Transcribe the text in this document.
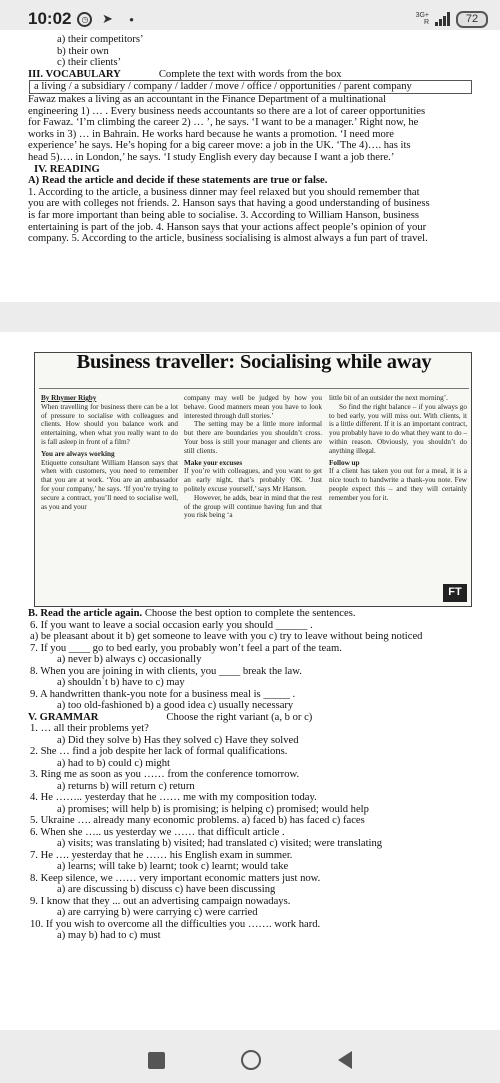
10:02	◷	➤	•	3G+
R	72
a) their competitors’
b) their own
c) their clients’
III. VOCABULARY	Complete the text with words from the box
a living / a subsidiary / company / ladder / move / office / opportunities / parent company
Fawaz makes a living as an accountant in the Finance Department of a multinational
engineering 1) … . Every business needs accountants so there are a lot of career opportunities
for Fawaz. ‘I’m climbing the career 2) … ’, he says. ‘I want to be a manager.’ Right now, he
works in 3) … in Bahrain. He works hard because he wants a promotion. ‘I need more
experience’ he says. He’s hoping for a big career move: a job in the UK. ‘The 4)…. has its
head 5)…. in London,’ he says. ‘I study English every day because I want a job there.’
IV. READING
A) Read the article and decide if these statements are true or false.
1. According to the article, a business dinner may feel relaxed but you should remember that
you are with colleges not friends. 2. Hanson says that having a good understanding of business
is far more important than being able to socialise. 3. According to William Hanson, business
entertaining is part of the job. 4. Hanson says that your actions affect people’s opinion of your
company. 5. According to the article, business socialising is almost always a fun part of travel.
Business traveller: Socialising while away

By Rhymer Rigby

When travelling for business there can be a lot of pressure to socialise with colleagues and clients. How should you balance work and entertaining, when what you really want to do is fall asleep in front of a film?

You are always working

Etiquette consultant William Hanson says that when with customers, you need to remember that you are at work. ‘You are an ambassador for your company,’ he says. ‘If you’re trying to secure a contract, you’ll need to socialise well, as you and your

company may well be judged by how you behave. Good manners mean you have to look interested through dull stories.’

The setting may be a little more informal but there are boundaries you shouldn’t cross. Your boss is still your manager and clients are still clients.

Make your excuses

If you’re with colleagues, and you want to get an early night, that’s probably OK. ‘Just politely excuse yourself,’ says Mr Hanson.

However, he adds, bear in mind that the rest of the group will continue having fun and that you risk being ‘a

little bit of an outsider the next morning’.

So find the right balance – if you always go to bed early, you will miss out. With clients, it is a little different. If it is an important contract, you probably have to do what they want to do – within reason. Obviously, you shouldn’t do anything illegal.

Follow up

If a client has taken you out for a meal, it is a nice touch to handwrite a thank-you note. Few people expect this – and they will certainly remember you for it.

FT
B. Read the article again. Choose the best option to complete the sentences.
6. If you want to leave a social occasion early you should ______ .
a) be pleasant about it b) get someone to leave with you c) try to leave without being noticed
7. If you ____ go to bed early, you probably won’t feel a part of the team.
a) never b) always c) occasionally
8. When you are joining in with clients, you ____ break the law.
a) shouldn`t b) have to c) may
9. A handwritten thank-you note for a business meal is _____ .
a) too old-fashioned b) a good idea c) usually necessary
V. GRAMMAR	Choose the right variant (a, b or c)
1. … all their problems yet?
a) Did they solve b) Has they solved c) Have they solved
2. She … find a job despite her lack of formal qualifications.
a) had to b) could c) might
3. Ring me as soon as you …… from the conference tomorrow.
a) returns b) will return c) return
4. He …….. yesterday that he …… me with my composition today.
a) promises; will help b) is promising; is helping c) promised; would help
5. Ukraine …. already many economic problems. a) faced b) has faced c) faces
6. When she ….. us yesterday we …… that difficult article .
a) visits; was translating b) visited; had translated c) visited; were translating
7. He …. yesterday that he …… his English exam in summer.
a) learns; will take b) learnt; took c) learnt; would take
8. Keep silence, we …… very important economic matters just now.
a) are discussing b) discuss c) have been discussing
9. I know that they ... out an advertising campaign nowadays.
a) are carrying b) were carrying c) were carried
10. If you wish to overcome all the difficulties you ……. work hard.
a) may b) had to c) must
